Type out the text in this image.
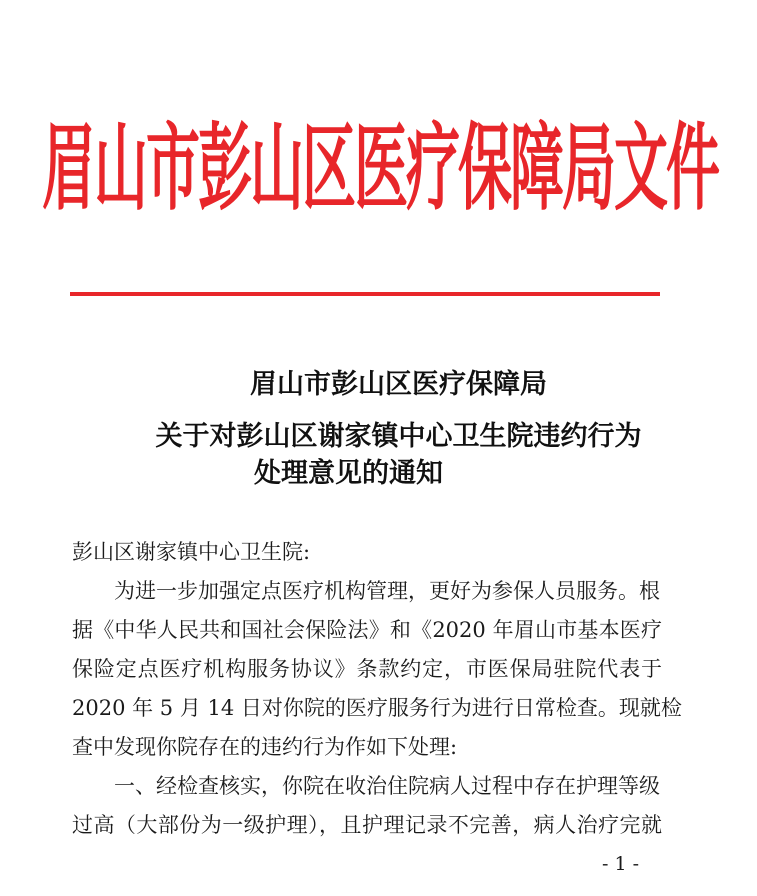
眉山市彭山区医疗保障局文件
眉山市彭山区医疗保障局
关于对彭山区谢家镇中心卫生院违约行为
处理意见的通知
彭山区谢家镇中心卫生院:
　　为进一步加强定点医疗机构管理，更好为参保人员服务。根
据《中华人民共和国社会保险法》和《2020 年眉山市基本医疗
保险定点医疗机构服务协议》条款约定，市医保局驻院代表于
2020 年 5 月 14 日对你院的医疗服务行为进行日常检查。现就检
查中发现你院存在的违约行为作如下处理:
　　一、经检查核实，你院在收治住院病人过程中存在护理等级
过高（大部份为一级护理），且护理记录不完善，病人治疗完就
- 1 -
